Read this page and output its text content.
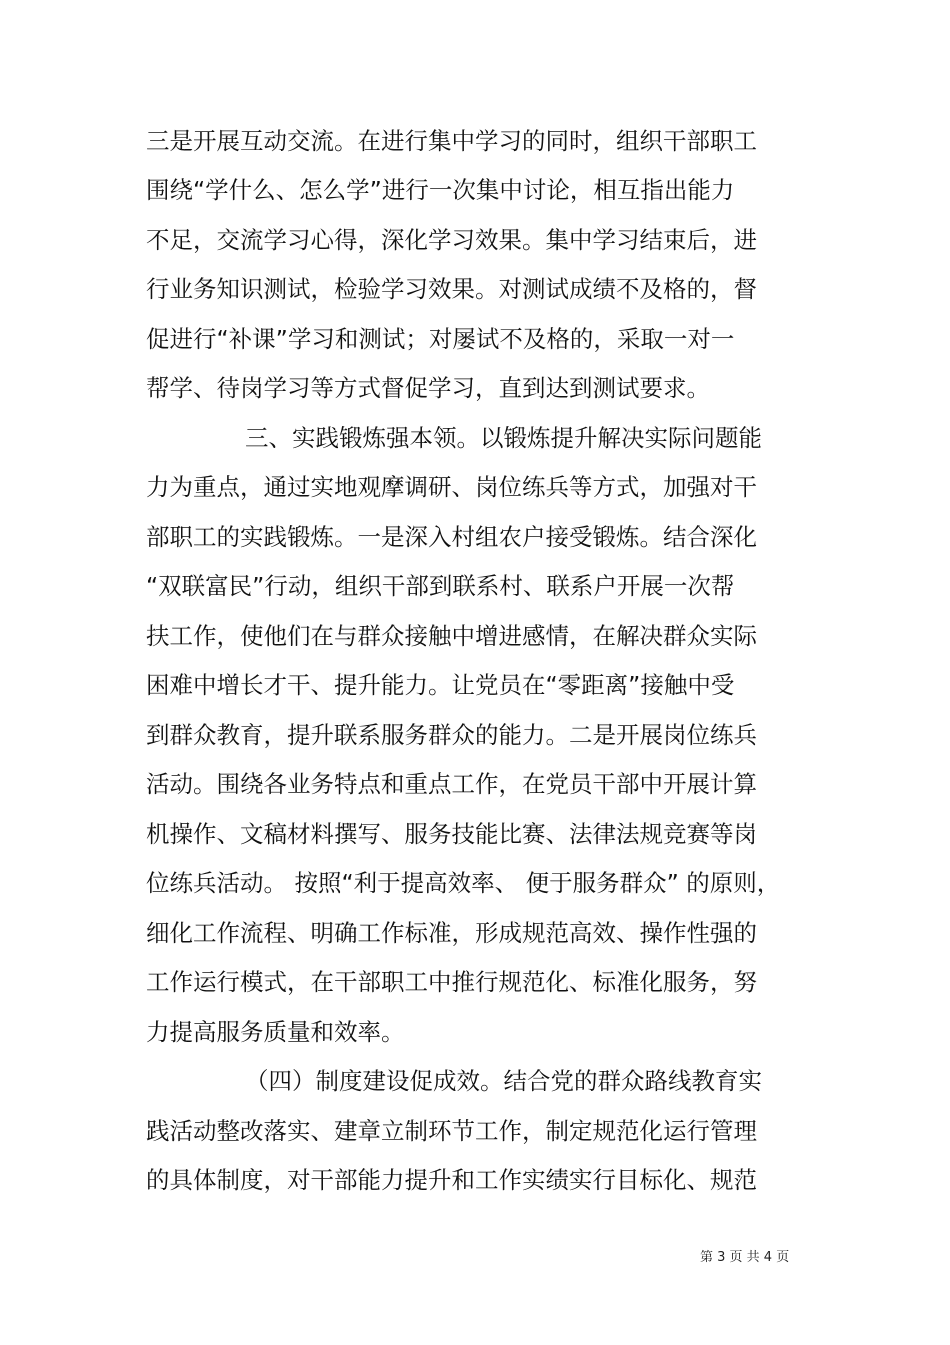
三是开展互动交流。在进行集中学习的同时，组织干部职工
围绕“学什么、怎么学”进行一次集中讨论，相互指出能力
不足，交流学习心得，深化学习效果。集中学习结束后，进
行业务知识测试，检验学习效果。对测试成绩不及格的，督
促进行“补课”学习和测试；对屡试不及格的，采取一对一
帮学、待岗学习等方式督促学习，直到达到测试要求。
三、实践锻炼强本领。以锻炼提升解决实际问题能
力为重点，通过实地观摩调研、岗位练兵等方式，加强对干
部职工的实践锻炼。一是深入村组农户接受锻炼。结合深化
“双联富民”行动，组织干部到联系村、联系户开展一次帮
扶工作，使他们在与群众接触中增进感情，在解决群众实际
困难中增长才干、提升能力。让党员在“零距离”接触中受
到群众教育，提升联系服务群众的能力。二是开展岗位练兵
活动。围绕各业务特点和重点工作，在党员干部中开展计算
机操作、文稿材料撰写、服务技能比赛、法律法规竞赛等岗
位练兵活动。 按照“利于提高效率、 便于服务群众” 的原则，
细化工作流程、明确工作标准，形成规范高效、操作性强的
工作运行模式，在干部职工中推行规范化、标准化服务，努
力提高服务质量和效率。
（四）制度建设促成效。结合党的群众路线教育实
践活动整改落实、建章立制环节工作，制定规范化运行管理
的具体制度，对干部能力提升和工作实绩实行目标化、规范
第 3 页 共 4 页
